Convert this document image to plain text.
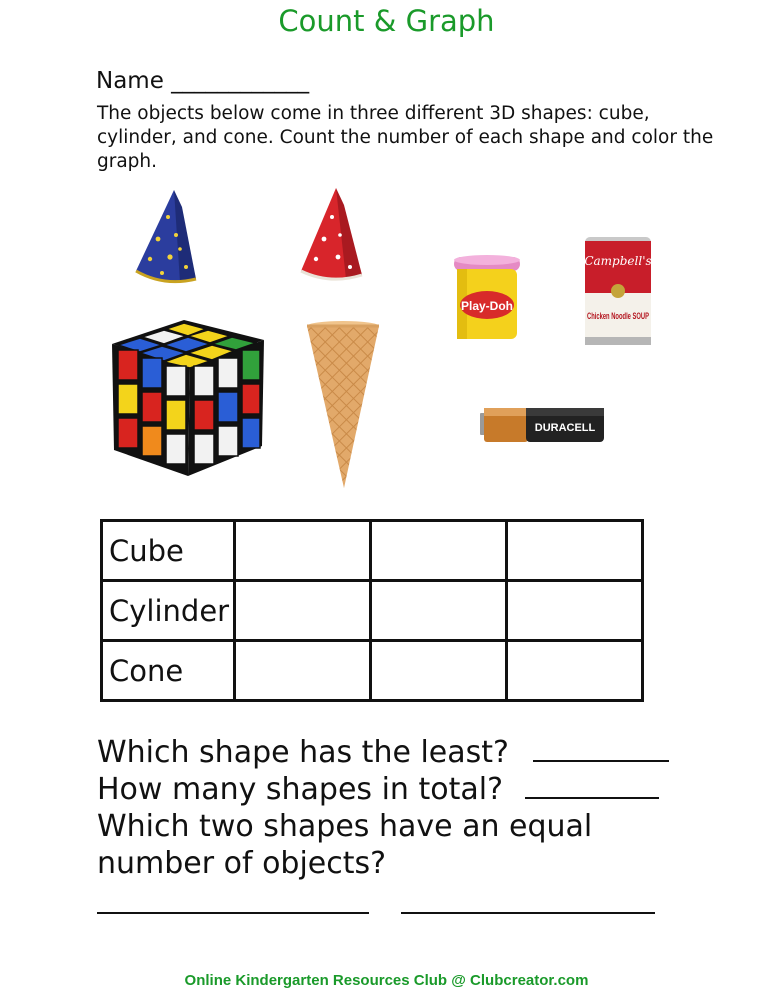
Count & Graph
Name ____________
The objects below come in three different 3D shapes: cube, cylinder, and cone. Count the number of each shape and color the graph.
Play-Doh
Campbell's
Chicken Noodle SOUP
DURACELL
Cube			
Cylinder			
Cone			
Which shape has the least?
How many shapes in total?
Which two shapes have an equal
number of objects?
Online Kindergarten Resources Club @ Clubcreator.com
